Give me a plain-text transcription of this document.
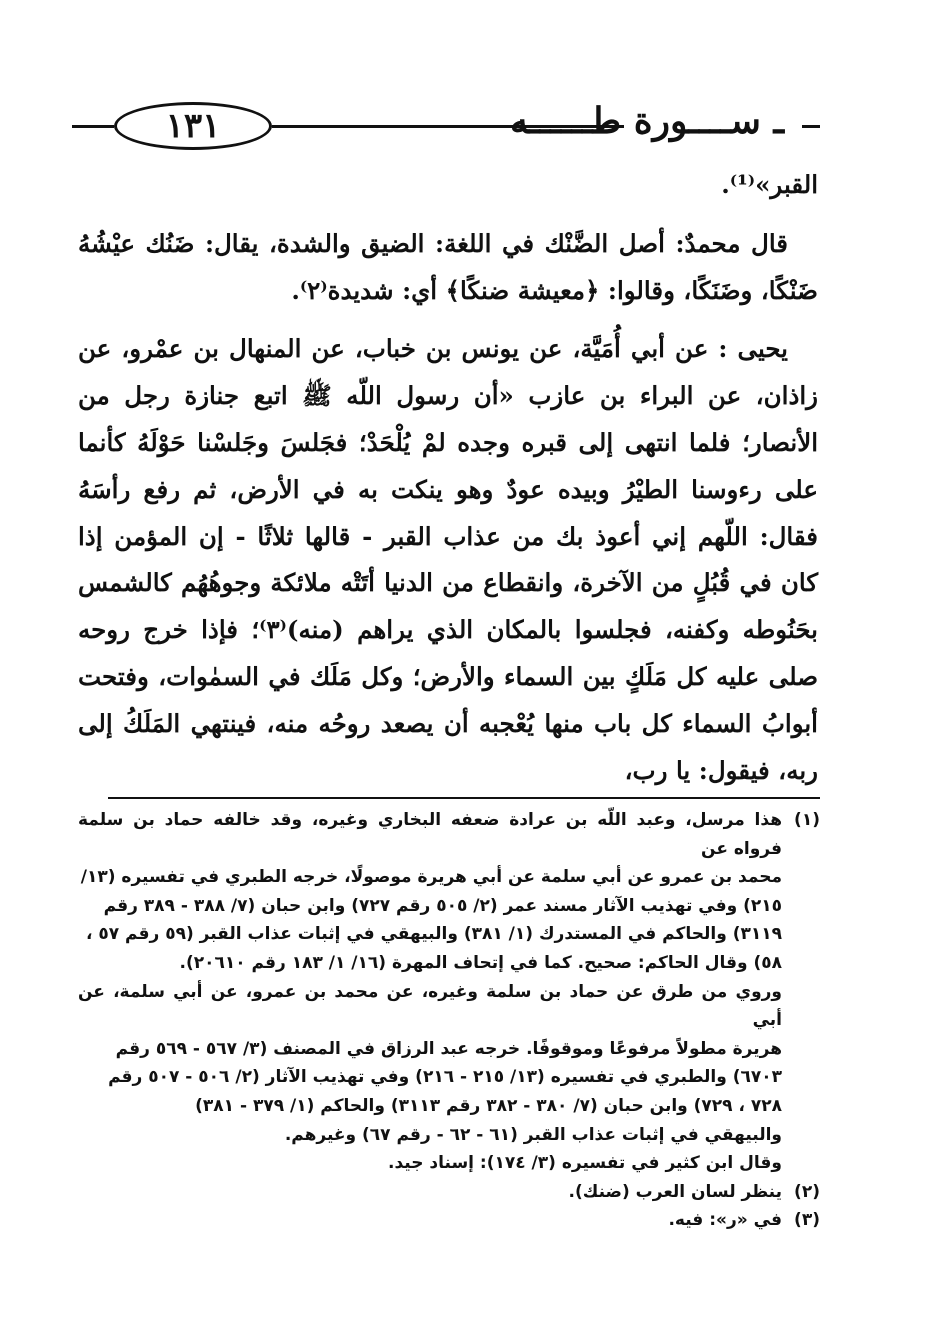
١٣١	ـ ســــورة طــــــه

القبر»⁽¹⁾.

قال محمدٌ: أصل الضَّنْك في اللغة: الضيق والشدة، يقال: ضَنُك عيْشُهُ ضَنْكًا، وضَنَكًا، وقالوا: ﴿معيشة ضنكًا﴾ أي: شديدة⁽٢⁾.

يحيى : عن أبي أُمَيَّة، عن يونس بن خباب، عن المنهال بن عمْرو، عن زاذان، عن البراء بن عازب «أن رسول اللّه ﷺ اتبع جنازة رجل من الأنصار؛ فلما انتهى إلى قبره وجده لمْ يُلْحَدْ؛ فجَلسَ وجَلسْنا حَوْلَهُ كأنما على رءوسنا الطيْرُ وبيده عودٌ وهو ينكت به في الأرض، ثم رفع رأسَهُ فقال: اللّهم إني أعوذ بك من عذاب القبر - قالها ثلاثًا - إن المؤمن إذا كان في قُبُلٍ من الآخرة، وانقطاع من الدنيا أتَتْه ملائكة وجوهُهُم كالشمس بحَنُوطه وكفنه، فجلسوا بالمكان الذي يراهم (منه)⁽٣⁾؛ فإذا خرج روحه صلى عليه كل مَلَكٍ بين السماء والأرض؛ وكل مَلَك في السمٰوات، وفتحت أبوابُ السماء كل باب منها يُعْجبه أن يصعد روحُه منه، فينتهي المَلَكُ إلى ربه، فيقول: يا رب،

(١)
هذا مرسل، وعبد اللّه بن عرادة ضعفه البخاري وغيره، وقد خالفه حماد بن سلمة فرواه عن
محمد بن عمرو عن أبي سلمة عن أبي هريرة موصولًا، خرجه الطبري في تفسيره (١٣/
٢١٥) وفي تهذيب الآثار مسند عمر (٢/ ٥٠٥ رقم ٧٢٧) وابن حبان (٧/ ٣٨٨ - ٣٨٩ رقم
٣١١٩) والحاكم في المستدرك (١/ ٣٨١) والبيهقي في إثبات عذاب القبر (٥٩ رقم ٥٧ ،
٥٨) وقال الحاكم: صحيح. كما في إتحاف المهرة (١٦/ ١/ ١٨٣ رقم ٢٠٦١٠).
وروي من طرق عن حماد بن سلمة وغيره، عن محمد بن عمرو، عن أبي سلمة، عن أبي
هريرة مطولاً مرفوعًا وموقوفًا. خرجه عبد الرزاق في المصنف (٣/ ٥٦٧ - ٥٦٩ رقم
٦٧٠٣) والطبري في تفسيره (١٣/ ٢١٥ - ٢١٦) وفي تهذيب الآثار (٢/ ٥٠٦ - ٥٠٧ رقم
٧٢٨ ، ٧٢٩) وابن حبان (٧/ ٣٨٠ - ٣٨٢ رقم ٣١١٣) والحاكم (١/ ٣٧٩ - ٣٨١)
والبيهقي في إثبات عذاب القبر (٦١ - ٦٢ - رقم ٦٧) وغيرهم.
وقال ابن كثير في تفسيره (٣/ ١٧٤): إسناد جيد.
(٢)
ينظر لسان العرب (ضنك).
(٣)
في «ر»: فيه.
